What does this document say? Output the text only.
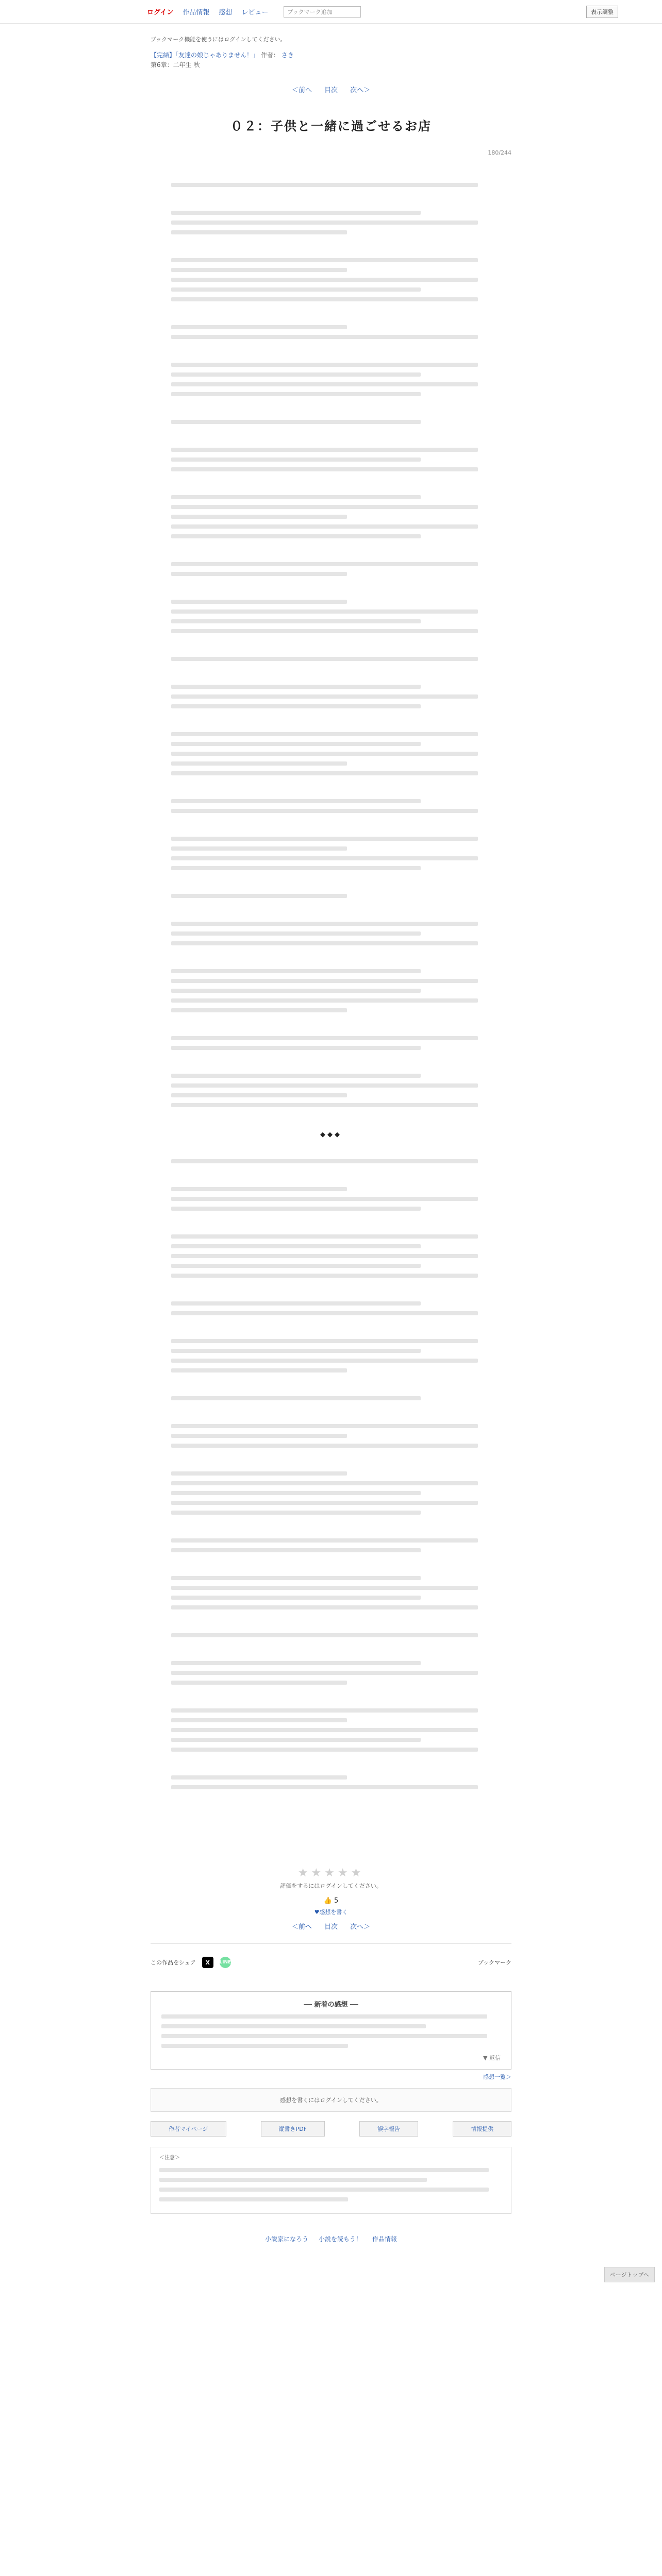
ログイン 作品情報 感想 レビュー	ブックマーク追加	表示調整
ブックマーク機能を使うにはログインしてください。
【完結】「友達の娘じゃありません！」 作者： さき
第6章：二年生 秋
＜前へ 目次 次へ＞
180/244
０２：子供と一緒に過ごせるお店
◆◆◆
★★★★★
評価をするにはログインしてください。
👍 5
♥感想を書く
＜前へ 目次 次へ＞
この作品をシェア	X	LINE	ブックマーク
── 新着の感想 ──
▼ 返信
感想一覧＞
感想を書くにはログインしてください。
作者マイページ	縦書きPDF	誤字報告	情報提供
＜注意＞
小説家になろう 小説を読もう！ 作品情報
ページトップへ
